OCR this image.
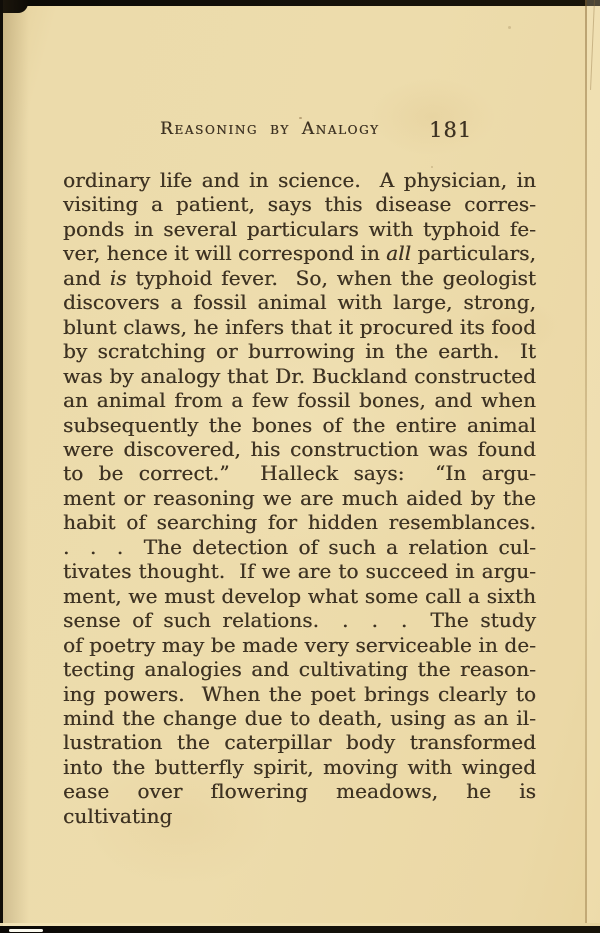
Reasoning by Analogy 181
ordinary life and in science.  A physician, in
visiting a patient, says this disease corres-
ponds in several particulars with typhoid fe-
ver, hence it will correspond in all particulars,
and is typhoid fever.  So, when the geologist
discovers a fossil animal with large, strong,
blunt claws, he infers that it procured its food
by scratching or burrowing in the earth.  It
was by analogy that Dr. Buckland constructed
an animal from a few fossil bones, and when
subsequently the bones of the entire animal
were discovered, his construction was found
to be correct.”  Halleck says:  “In argu-
ment or reasoning we are much aided by the
habit of searching for hidden resemblances.
.  .  .  The detection of such a relation cul-
tivates thought.  If we are to succeed in argu-
ment, we must develop what some call a sixth
sense of such relations.  .  .  .  The study
of poetry may be made very serviceable in de-
tecting analogies and cultivating the reason-
ing powers.  When the poet brings clearly to
mind the change due to death, using as an il-
lustration the caterpillar body transformed
into the butterfly spirit, moving with winged
ease over flowering meadows, he is cultivating
